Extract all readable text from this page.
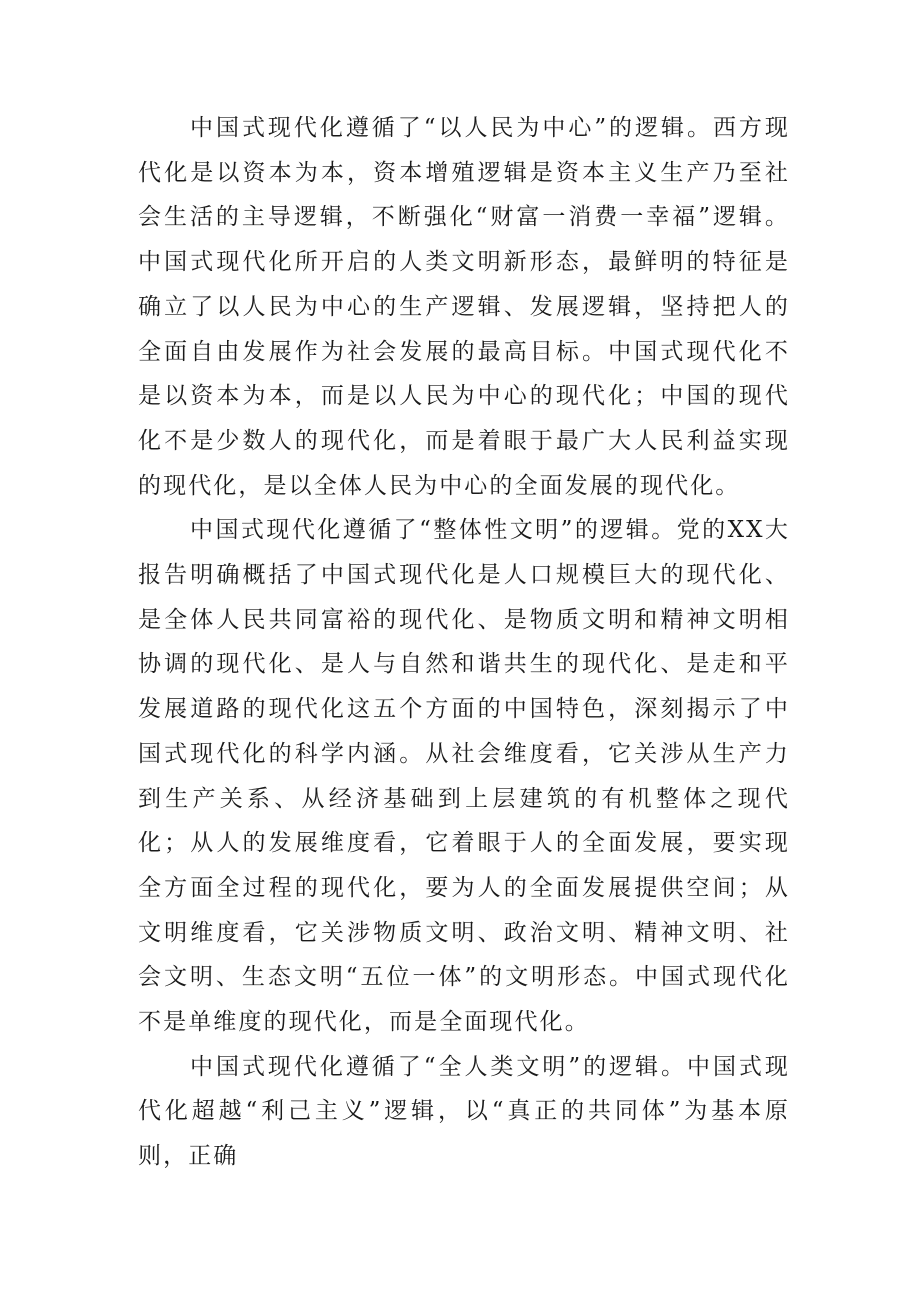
中国式现代化遵循了“以人民为中心”的逻辑。西方现代化是以资本为本，资本增殖逻辑是资本主义生产乃至社会生活的主导逻辑，不断强化“财富一消费一幸福”逻辑。中国式现代化所开启的人类文明新形态，最鲜明的特征是确立了以人民为中心的生产逻辑、发展逻辑，坚持把人的全面自由发展作为社会发展的最高目标。中国式现代化不是以资本为本，而是以人民为中心的现代化；中国的现代化不是少数人的现代化，而是着眼于最广大人民利益实现的现代化，是以全体人民为中心的全面发展的现代化。

中国式现代化遵循了“整体性文明”的逻辑。党的XX大报告明确概括了中国式现代化是人口规模巨大的现代化、是全体人民共同富裕的现代化、是物质文明和精神文明相协调的现代化、是人与自然和谐共生的现代化、是走和平发展道路的现代化这五个方面的中国特色，深刻揭示了中国式现代化的科学内涵。从社会维度看，它关涉从生产力到生产关系、从经济基础到上层建筑的有机整体之现代化；从人的发展维度看，它着眼于人的全面发展，要实现全方面全过程的现代化，要为人的全面发展提供空间；从文明维度看，它关涉物质文明、政治文明、精神文明、社会文明、生态文明“五位一体”的文明形态。中国式现代化不是单维度的现代化，而是全面现代化。

中国式现代化遵循了“全人类文明”的逻辑。中国式现代化超越“利己主义”逻辑，以“真正的共同体”为基本原则，正确
